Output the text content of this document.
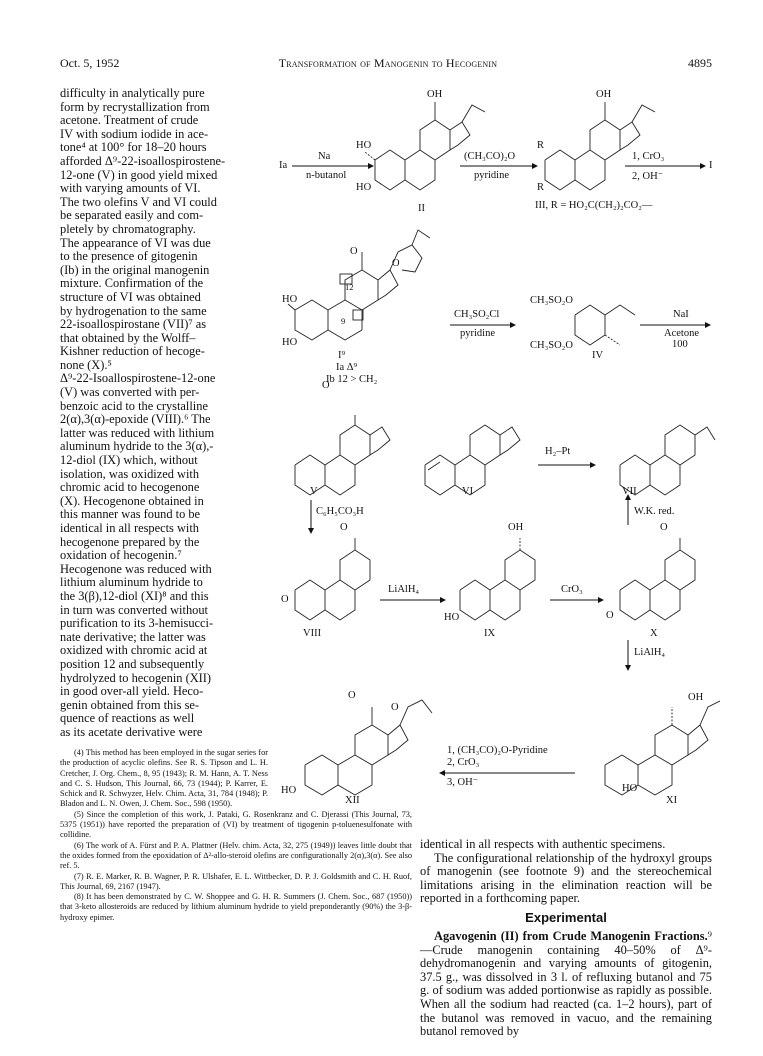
Oct. 5, 1952	Transformation of Manogenin to Hecogenin	4895
difficulty in analytically pure
form by recrystallization from
acetone. Treatment of crude
IV with sodium iodide in ace-
tone⁴ at 100° for 18–20 hours
afforded Δ⁹-22-isoallospirostene-
12-one (V) in good yield mixed
with varying amounts of VI.
The two olefins V and VI could
be separated easily and com-
pletely by chromatography.
The appearance of VI was due
to the presence of gitogenin
(Ib) in the original manogenin
mixture. Confirmation of the
structure of VI was obtained
by hydrogenation to the same
22-isoallospirostane (VII)⁷ as
that obtained by the Wolff–
Kishner reduction of hecoge-
none (X).⁵
Δ⁹-22-Isoallospirostene-12-one
(V) was converted with per-
benzoic acid to the crystalline
2(α),3(α)-epoxide (VIII).⁶ The
latter was reduced with lithium
aluminum hydride to the 3(α),-
12-diol (IX) which, without
isolation, was oxidized with
chromic acid to hecogenone
(X). Hecogenone obtained in
this manner was found to be
identical in all respects with
hecogenone prepared by the
oxidation of hecogenin.⁷
Hecogenone was reduced with
lithium aluminum hydride to
the 3(β),12-diol (XI)⁸ and this
in turn was converted without
purification to its 3-hemisucci-
nate derivative; the latter was
oxidized with chromic acid at
position 12 and subsequently
hydrolyzed to hecogenin (XII)
in good over-all yield. Heco-
genin obtained from this se-
quence of reactions as well
as its acetate derivative were

(4) This method has been employed in the sugar series for the production of acyclic olefins. See R. S. Tipson and L. H. Cretcher, J. Org. Chem., 8, 95 (1943); R. M. Hann, A. T. Ness and C. S. Hudson, This Journal, 66, 73 (1944); P. Karrer, E. Schick and R. Schwyzer, Helv. Chim. Acta, 31, 784 (1948); P. Bladon and L. N. Owen, J. Chem. Soc., 598 (1950).

(5) Since the completion of this work, J. Pataki, G. Rosenkranz and C. Djerassi (This Journal, 73, 5375 (1951)) have reported the preparation of (VI) by treatment of tigogenin p-toluenesulfonate with collidine.

(6) The work of A. Fürst and P. A. Plattner (Helv. chim. Acta, 32, 275 (1949)) leaves little doubt that the oxides formed from the epoxidation of Δ²-allo-steroid olefins are configurationally 2(α),3(α). See also ref. 5.

(7) R. E. Marker, R. B. Wagner, P. R. Ulshafer, E. L. Wittbecker, D. P. J. Goldsmith and C. H. Ruof, This Journal, 69, 2167 (1947).

(8) It has been demonstrated by C. W. Shoppee and G. H. R. Summers (J. Chem. Soc., 687 (1950)) that 3-keto allosteroids are reduced by lithium aluminum hydride to yield preponderantly (90%) the 3-β-hydroxy epimer.

identical in all respects with authentic specimens.

The configurational relationship of the hydroxyl groups of manogenin (see footnote 9) and the stereochemical limitations arising in the elimination reaction will be reported in a forthcoming paper.

Experimental

Agavogenin (II) from Crude Manogenin Fractions.⁹—Crude manogenin containing 40–50% of Δ⁹-dehydromanogenin and varying amounts of gitogenin, 37.5 g., was dissolved in 3 l. of refluxing butanol and 75 g. of sodium was added portionwise as rapidly as possible. When all the sodium had reacted (ca. 1–2 hours), part of the butanol was removed in vacuo, and the remaining butanol removed by

Ia
Na
n-butanol
OH
HO
HO
II
(CH₃CO)₂O
pyridine
OH
R
R
III, R = HO₂C(CH₂)₂CO₂—
1, CrO₃
2, OH⁻
I
HO
HO
O
O
12
9
I⁹
Ia Δ⁹
Ib 12 > CH₂
CH₃SO₂Cl
pyridine
CH₃SO₂O
CH₃SO₂O
IV
NaI
Acetone
100
O
V	VI
H₂–Pt
VII
C₆H₅CO₃H	W.K. red.
O
O
VIII
LiAlH₄
OH
HO
IX
CrO₃
O
O
X
LiAlH₄
O
O
HO
XII
1, (CH₃CO)₂O-Pyridine
2, CrO₃
3, OH⁻
OH
HO
XI
